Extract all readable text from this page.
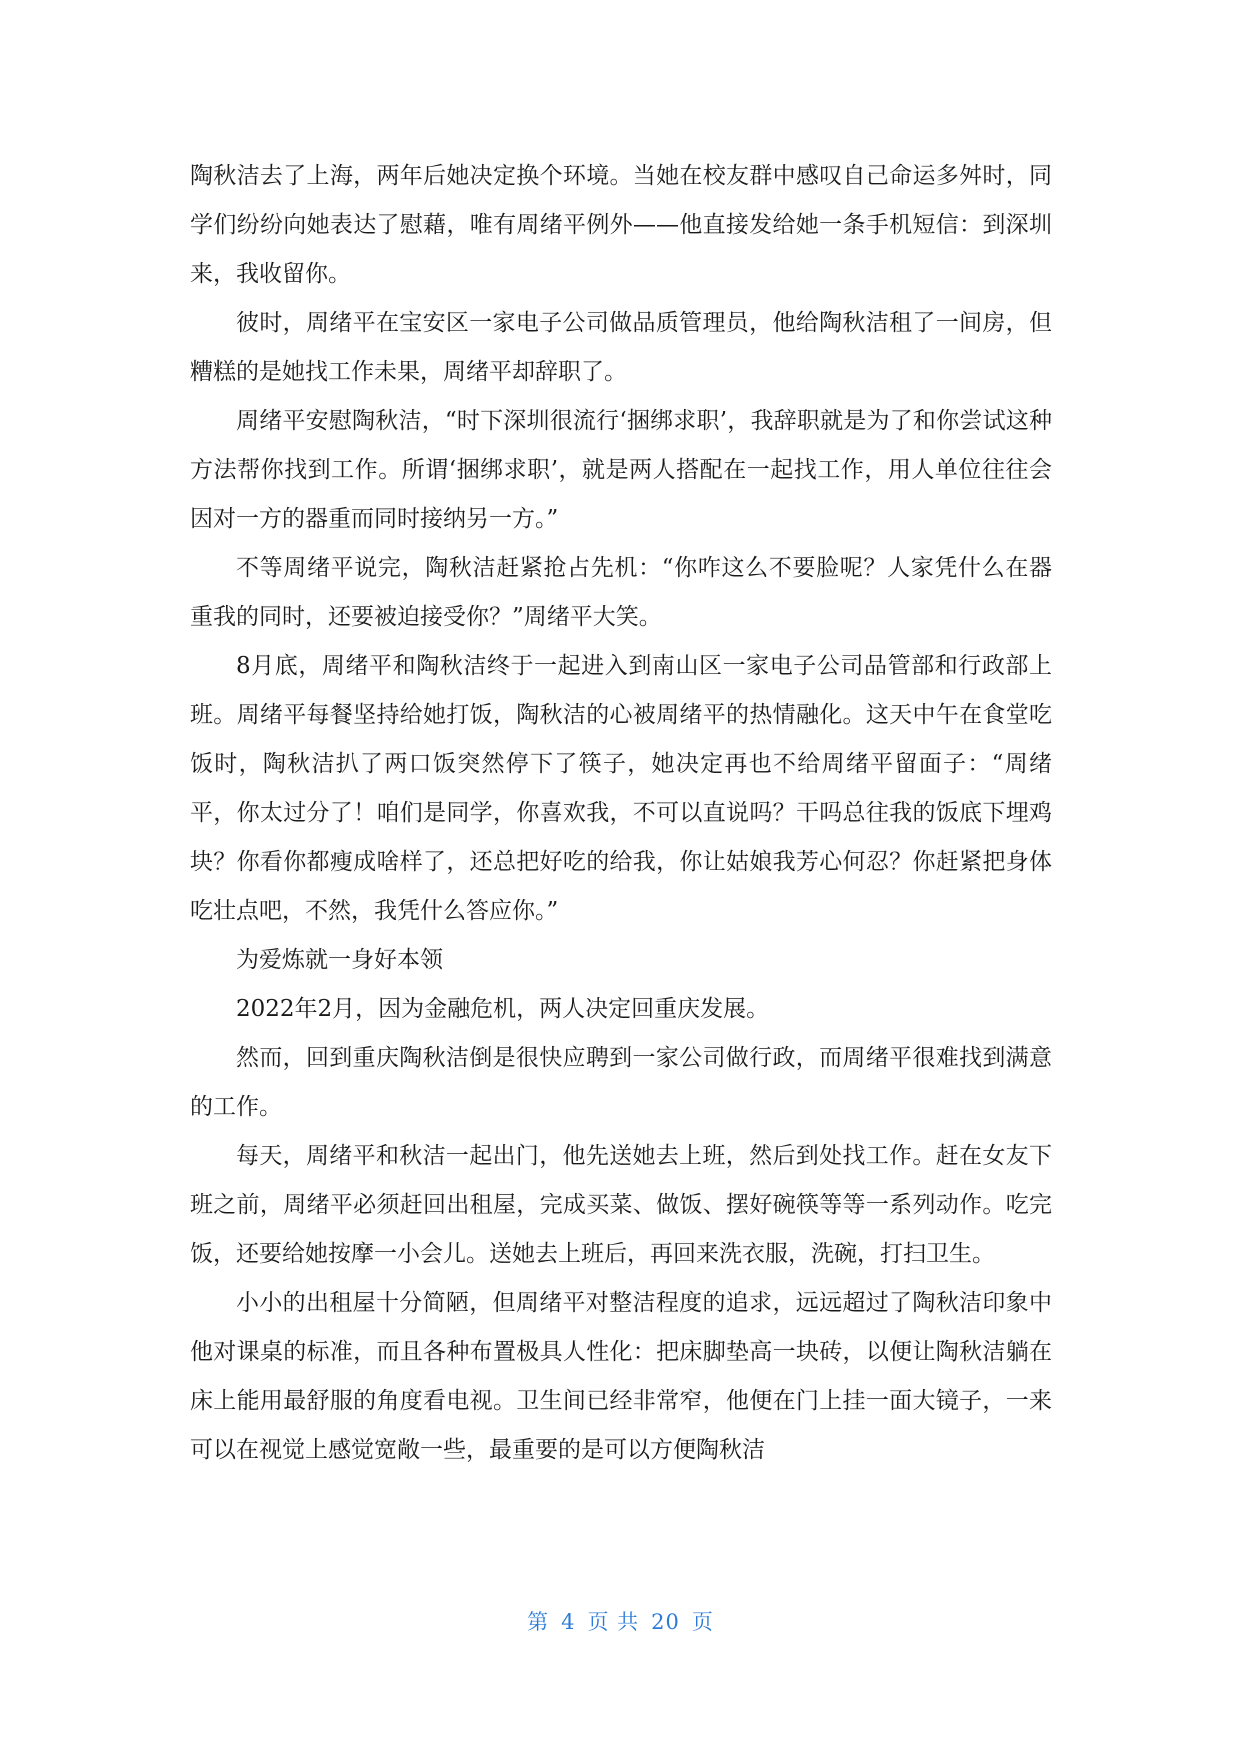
陶秋洁去了上海，两年后她决定换个环境。当她在校友群中感叹自己命运多舛时，同学们纷纷向她表达了慰藉，唯有周绪平例外——他直接发给她一条手机短信：到深圳来，我收留你。

彼时，周绪平在宝安区一家电子公司做品质管理员，他给陶秋洁租了一间房，但糟糕的是她找工作未果，周绪平却辞职了。

周绪平安慰陶秋洁，“时下深圳很流行‘捆绑求职’，我辞职就是为了和你尝试这种方法帮你找到工作。所谓‘捆绑求职’，就是两人搭配在一起找工作，用人单位往往会因对一方的器重而同时接纳另一方。”

不等周绪平说完，陶秋洁赶紧抢占先机：“你咋这么不要脸呢？人家凭什么在器重我的同时，还要被迫接受你？”周绪平大笑。

8月底，周绪平和陶秋洁终于一起进入到南山区一家电子公司品管部和行政部上班。周绪平每餐坚持给她打饭，陶秋洁的心被周绪平的热情融化。这天中午在食堂吃饭时，陶秋洁扒了两口饭突然停下了筷子，她决定再也不给周绪平留面子：“周绪平，你太过分了！咱们是同学，你喜欢我，不可以直说吗？干吗总往我的饭底下埋鸡块？你看你都瘦成啥样了，还总把好吃的给我，你让姑娘我芳心何忍？你赶紧把身体吃壮点吧，不然，我凭什么答应你。”

为爱炼就一身好本领

2022年2月，因为金融危机，两人决定回重庆发展。

然而，回到重庆陶秋洁倒是很快应聘到一家公司做行政，而周绪平很难找到满意的工作。

每天，周绪平和秋洁一起出门，他先送她去上班，然后到处找工作。赶在女友下班之前，周绪平必须赶回出租屋，完成买菜、做饭、摆好碗筷等等一系列动作。吃完饭，还要给她按摩一小会儿。送她去上班后，再回来洗衣服，洗碗，打扫卫生。

小小的出租屋十分简陋，但周绪平对整洁程度的追求，远远超过了陶秋洁印象中他对课桌的标准，而且各种布置极具人性化：把床脚垫高一块砖，以便让陶秋洁躺在床上能用最舒服的角度看电视。卫生间已经非常窄，他便在门上挂一面大镜子，一来可以在视觉上感觉宽敞一些，最重要的是可以方便陶秋洁

第 4 页 共 20 页
